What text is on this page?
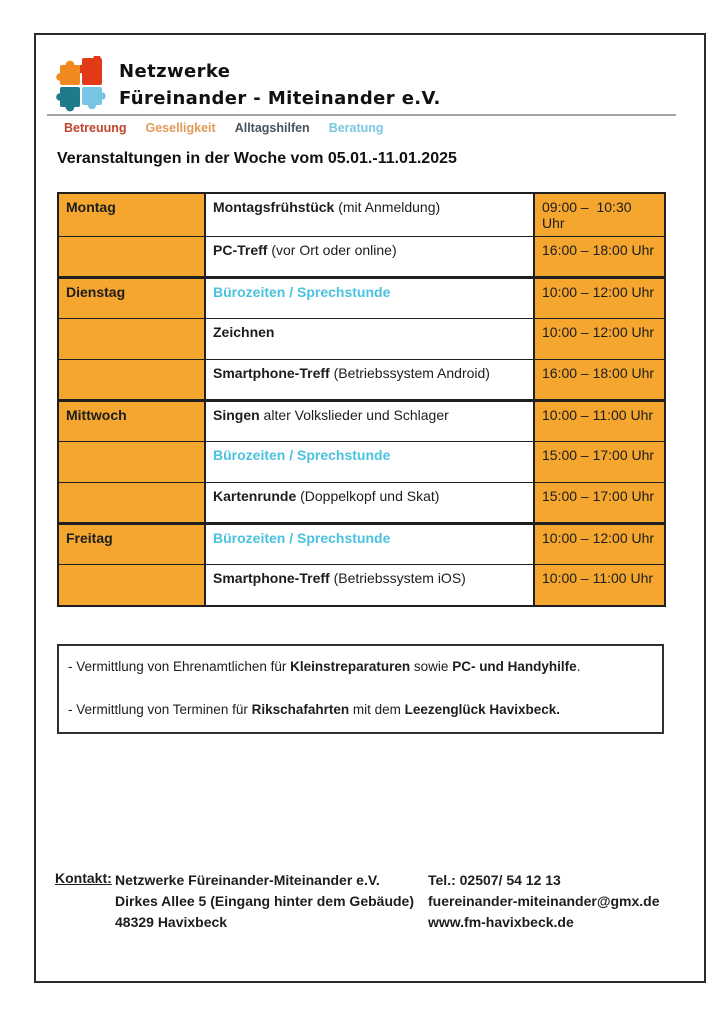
Netzwerke
Füreinander - Miteinander e.V.
Betreuung Geselligkeit Alltagshilfen Beratung
Veranstaltungen in der Woche vom 05.01.-11.01.2025
Montag	Montagsfrühstück (mit Anmeldung)	09:00 –  10:30 Uhr
	PC-Treff (vor Ort oder online)	16:00 – 18:00 Uhr
Dienstag	Bürozeiten / Sprechstunde	10:00 – 12:00 Uhr
	Zeichnen	10:00 – 12:00 Uhr
	Smartphone-Treff (Betriebssystem Android)	16:00 – 18:00 Uhr
Mittwoch	Singen alter Volkslieder und Schlager	10:00 – 11:00 Uhr
	Bürozeiten / Sprechstunde	15:00 – 17:00 Uhr
	Kartenrunde (Doppelkopf und Skat)	15:00 – 17:00 Uhr
Freitag	Bürozeiten / Sprechstunde	10:00 – 12:00 Uhr
	Smartphone-Treff (Betriebssystem iOS)	10:00 – 11:00 Uhr
- Vermittlung von Ehrenamtlichen für Kleinstreparaturen sowie PC- und Handyhilfe.
- Vermittlung von Terminen für Rikschafahrten mit dem Leezenglück Havixbeck.
Kontakt: Netzwerke Füreinander-Miteinander e.V.
Dirkes Allee 5 (Eingang hinter dem Gebäude)
48329 Havixbeck
Tel.: 02507/ 54 12 13
fuereinander-miteinander@gmx.de
www.fm-havixbeck.de
